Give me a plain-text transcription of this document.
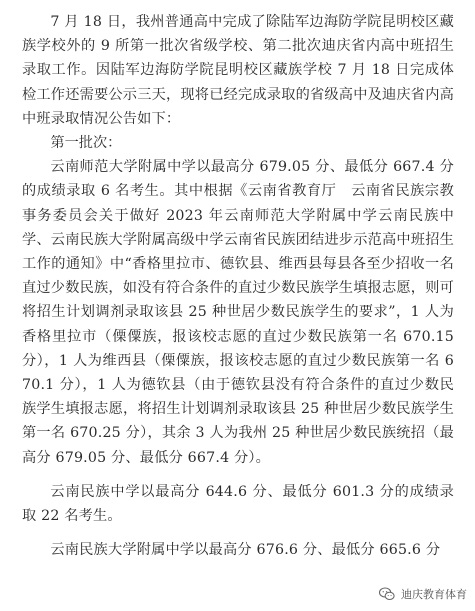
7 月 18 日，我州普通高中完成了除陆军边海防学院昆明校区藏族学校外的 9 所第一批次省级学校、第二批次迪庆省内高中班招生录取工作。因陆军边海防学院昆明校区藏族学校 7 月 18 日完成体检工作还需要公示三天，现将已经完成录取的省级高中及迪庆省内高中班录取情况公告如下：

第一批次：

云南师范大学附属中学以最高分 679.05 分、最低分 667.4 分的成绩录取 6 名考生。其中根据《云南省教育厅　云南省民族宗教事务委员会关于做好 2023 年云南师范大学附属中学云南民族中学、云南民族大学附属高级中学云南省民族团结进步示范高中班招生工作的通知》中“香格里拉市、德钦县、维西县每县各至少招收一名直过少数民族，如没有符合条件的直过少数民族学生填报志愿，则可将招生计划调剂录取该县 25 种世居少数民族学生的要求”，1 人为香格里拉市（傈僳族，报该校志愿的直过少数民族第一名 670.15 分），1 人为维西县（傈僳族，报该校志愿的直过少数民族第一名 670.1 分），1 人为德钦县（由于德钦县没有符合条件的直过少数民族学生填报志愿，将招生计划调剂录取该县 25 种世居少数民族学生第一名 670.25 分），其余 3 人为我州 25 种世居少数民族统招（最高分 679.05 分、最低分 667.4 分）。

云南民族中学以最高分 644.6 分、最低分 601.3 分的成绩录取 22 名考生。

云南民族大学附属中学以最高分 676.6 分、最低分 665.6 分

迪庆教育体育
